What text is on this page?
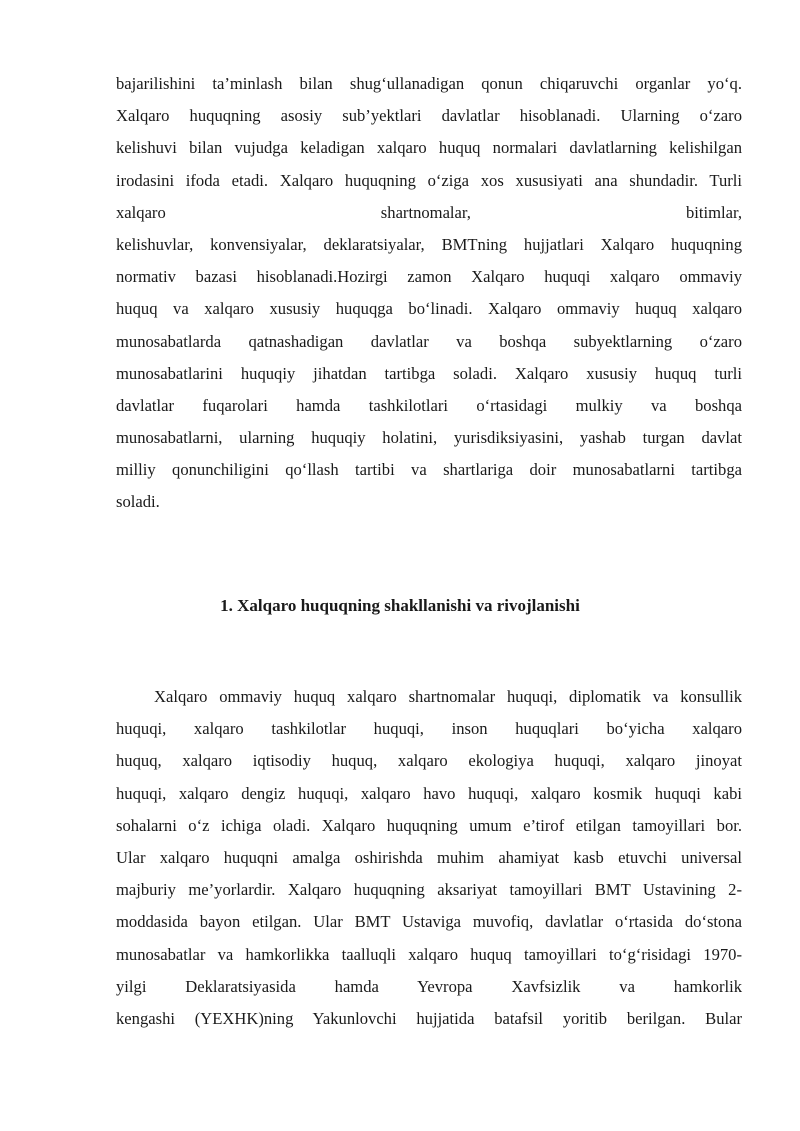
bajarilishini ta’minlash bilan shug‘ullanadigan qonun chiqaruvchi organlar yo‘q.
Xalqaro huquqning asosiy sub’yektlari davlatlar hisoblanadi. Ularning o‘zaro
kelishuvi bilan vujudga keladigan xalqaro huquq normalari davlatlarning kelishilgan
irodasini ifoda etadi. Xalqaro huquqning o‘ziga xos xususiyati ana shundadir. Turli
xalqaro shartnomalar, bitimlar,
kelishuvlar, konvensiyalar, deklaratsiyalar, BMTning hujjatlari Xalqaro huquqning
normativ bazasi hisoblanadi.Hozirgi zamon Xalqaro huquqi xalqaro ommaviy
huquq va xalqaro xususiy huquqga bo‘linadi. Xalqaro ommaviy huquq xalqaro
munosabatlarda qatnashadigan davlatlar va boshqa subyektlarning o‘zaro
munosabatlarini huquqiy jihatdan tartibga soladi. Xalqaro xususiy huquq turli
davlatlar fuqarolari hamda tashkilotlari o‘rtasidagi mulkiy va boshqa
munosabatlarni, ularning huquqiy holatini, yurisdiksiyasini, yashab turgan davlat
milliy qonunchiligini qo‘llash tartibi va shartlariga doir munosabatlarni tartibga
soladi.
1. Xalqaro huquqning shakllanishi va rivojlanishi
Xalqaro ommaviy huquq xalqaro shartnomalar huquqi, diplomatik va konsullik
huquqi, xalqaro tashkilotlar huquqi, inson huquqlari bo‘yicha xalqaro
huquq, xalqaro iqtisodiy huquq, xalqaro ekologiya huquqi, xalqaro jinoyat
huquqi, xalqaro dengiz huquqi, xalqaro havo huquqi, xalqaro kosmik huquqi kabi
sohalarni o‘z ichiga oladi. Xalqaro huquqning umum e’tirof etilgan tamoyillari bor.
Ular xalqaro huquqni amalga oshirishda muhim ahamiyat kasb etuvchi universal
majburiy me’yorlardir. Xalqaro huquqning aksariyat tamoyillari BMT Ustavining 2-
moddasida bayon etilgan. Ular BMT Ustaviga muvofiq, davlatlar o‘rtasida do‘stona
munosabatlar va hamkorlikka taalluqli xalqaro huquq tamoyillari to‘g‘risidagi 1970-
yilgi Deklaratsiyasida hamda Yevropa Xavfsizlik va hamkorlik
kengashi (YEXHK)ning Yakunlovchi hujjatida batafsil yoritib berilgan. Bular
